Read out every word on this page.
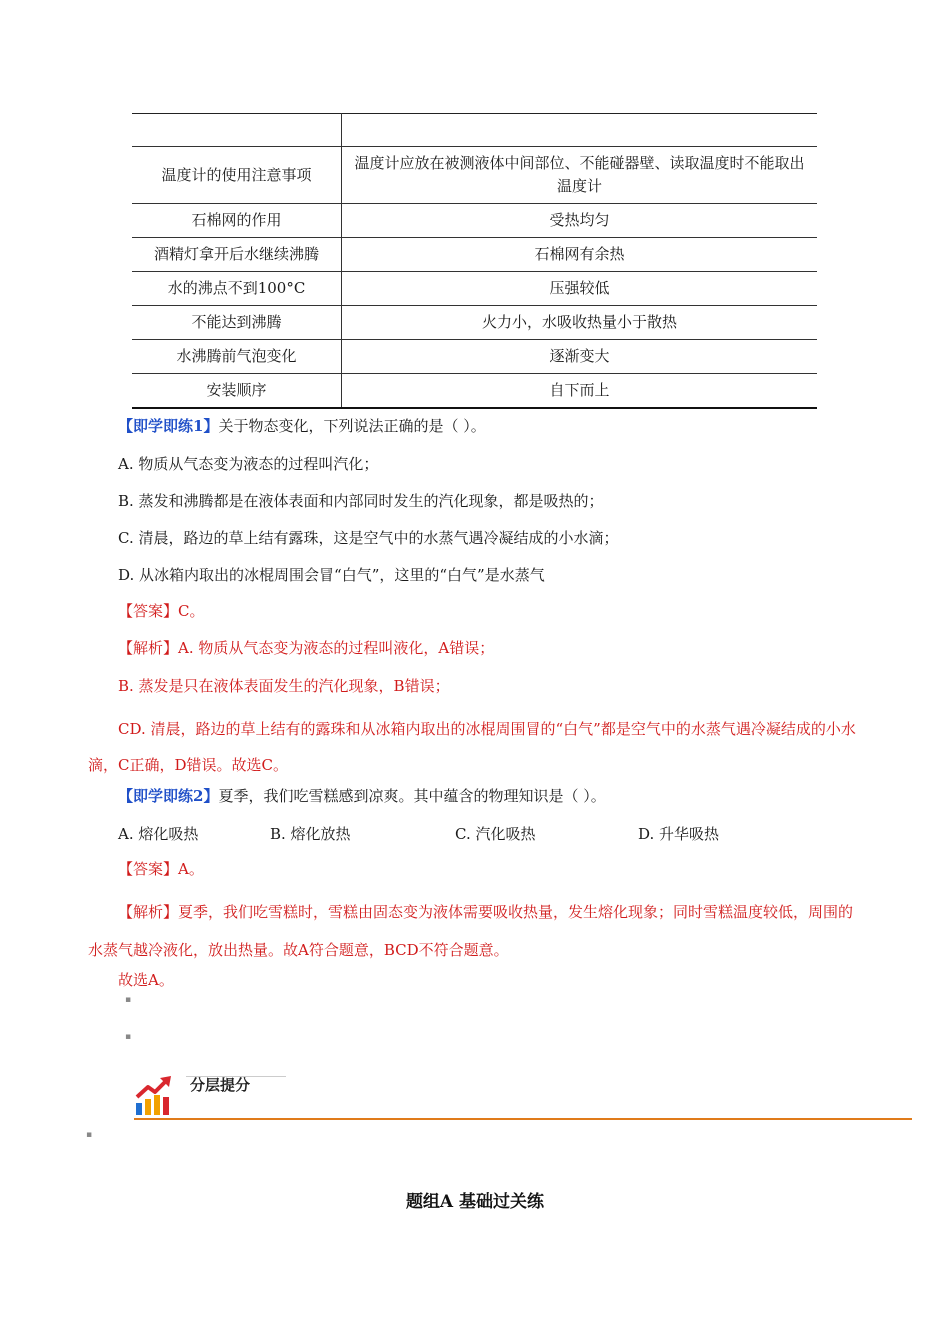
温度计的使用注意事项	温度计应放在被测液体中间部位、不能碰器壁、读取温度时不能取出温度计
石棉网的作用	受热均匀
酒精灯拿开后水继续沸腾	石棉网有余热
水的沸点不到100°C	压强较低
不能达到沸腾	火力小，水吸收热量小于散热
水沸腾前气泡变化	逐渐变大
安装顺序	自下而上
【即学即练1】关于物态变化，下列说法正确的是（ ）。
A. 物质从气态变为液态的过程叫汽化；
B. 蒸发和沸腾都是在液体表面和内部同时发生的汽化现象，都是吸热的；
C. 清晨，路边的草上结有露珠，这是空气中的水蒸气遇冷凝结成的小水滴；
D. 从冰箱内取出的冰棍周围会冒“白气”，这里的“白气”是水蒸气
【答案】C。
【解析】A. 物质从气态变为液态的过程叫液化，A错误；
B. 蒸发是只在液体表面发生的汽化现象，B错误；
CD. 清晨，路边的草上结有的露珠和从冰箱内取出的冰棍周围冒的“白气”都是空气中的水蒸气遇冷凝结成的小水滴，C正确，D错误。故选C。
【即学即练2】夏季，我们吃雪糕感到凉爽。其中蕴含的物理知识是（ ）。
A. 熔化吸热	B. 熔化放热	C. 汽化吸热	D. 升华吸热
【答案】A。
【解析】夏季，我们吃雪糕时，雪糕由固态变为液体需要吸收热量，发生熔化现象；同时雪糕温度较低，周围的水蒸气越冷液化，放出热量。故A符合题意，BCD不符合题意。
故选A。
▪
▪
分层提分
▪
题组A 基础过关练
